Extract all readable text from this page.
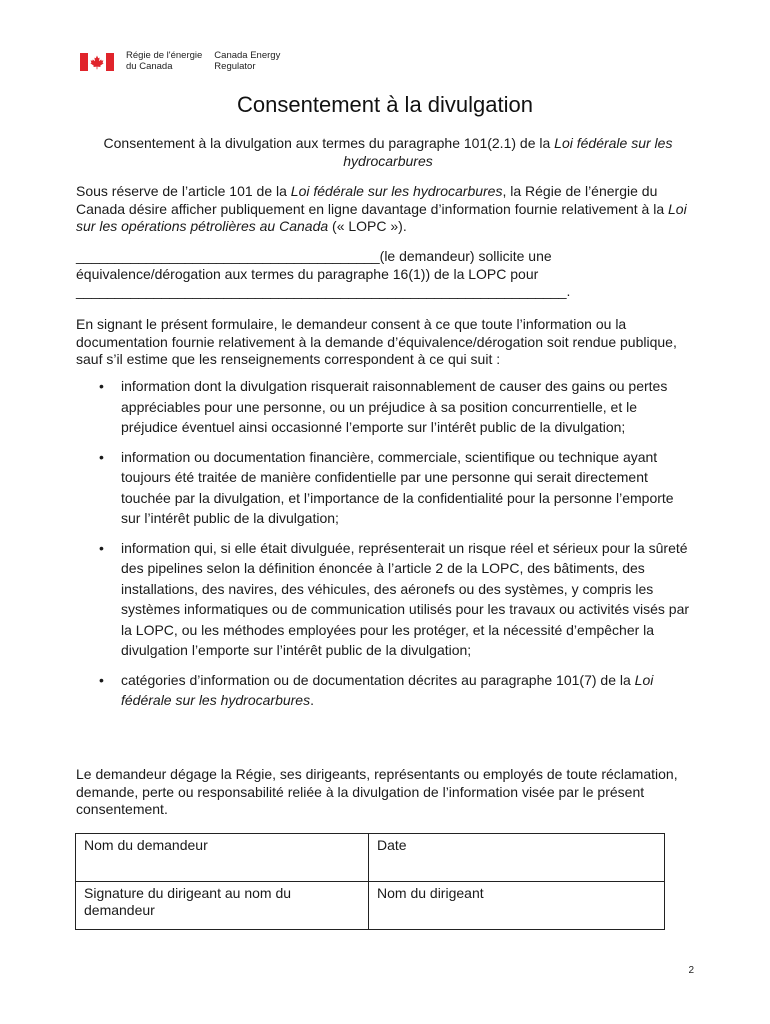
Régie de l'énergie
du Canada
Canada Energy
Regulator
Consentement à la divulgation
Consentement à la divulgation aux termes du paragraphe 101(2.1) de la Loi fédérale sur les hydrocarbures
Sous réserve de l’article 101 de la Loi fédérale sur les hydrocarbures, la Régie de l’énergie du Canada désire afficher publiquement en ligne davantage d’information fournie relativement à la Loi sur les opérations pétrolières au Canada (« LOPC »).
_______________________________________(le demandeur) sollicite une
équivalence/dérogation aux termes du paragraphe 16(1)) de la LOPC pour
_______________________________________________________________.
En signant le présent formulaire, le demandeur consent à ce que toute l’information ou la documentation fournie relativement à la demande d’équivalence/dérogation soit rendue publique, sauf s’il estime que les renseignements correspondent à ce qui suit :
• information dont la divulgation risquerait raisonnablement de causer des gains ou pertes appréciables pour une personne, ou un préjudice à sa position concurrentielle, et le préjudice éventuel ainsi occasionné l’emporte sur l’intérêt public de la divulgation;
• information ou documentation financière, commerciale, scientifique ou technique ayant toujours été traitée de manière confidentielle par une personne qui serait directement touchée par la divulgation, et l’importance de la confidentialité pour la personne l’emporte sur l’intérêt public de la divulgation;
• information qui, si elle était divulguée, représenterait un risque réel et sérieux pour la sûreté des pipelines selon la définition énoncée à l’article 2 de la LOPC, des bâtiments, des installations, des navires, des véhicules, des aéronefs ou des systèmes, y compris les systèmes informatiques ou de communication utilisés pour les travaux ou activités visés par la LOPC, ou les méthodes employées pour les protéger, et la nécessité d’empêcher la divulgation l’emporte sur l’intérêt public de la divulgation;
• catégories d’information ou de documentation décrites au paragraphe 101(7) de la Loi fédérale sur les hydrocarbures.
Le demandeur dégage la Régie, ses dirigeants, représentants ou employés de toute réclamation, demande, perte ou responsabilité reliée à la divulgation de l’information visée par le présent consentement.
Nom du demandeur	Date
Signature du dirigeant au nom du demandeur	Nom du dirigeant
2
